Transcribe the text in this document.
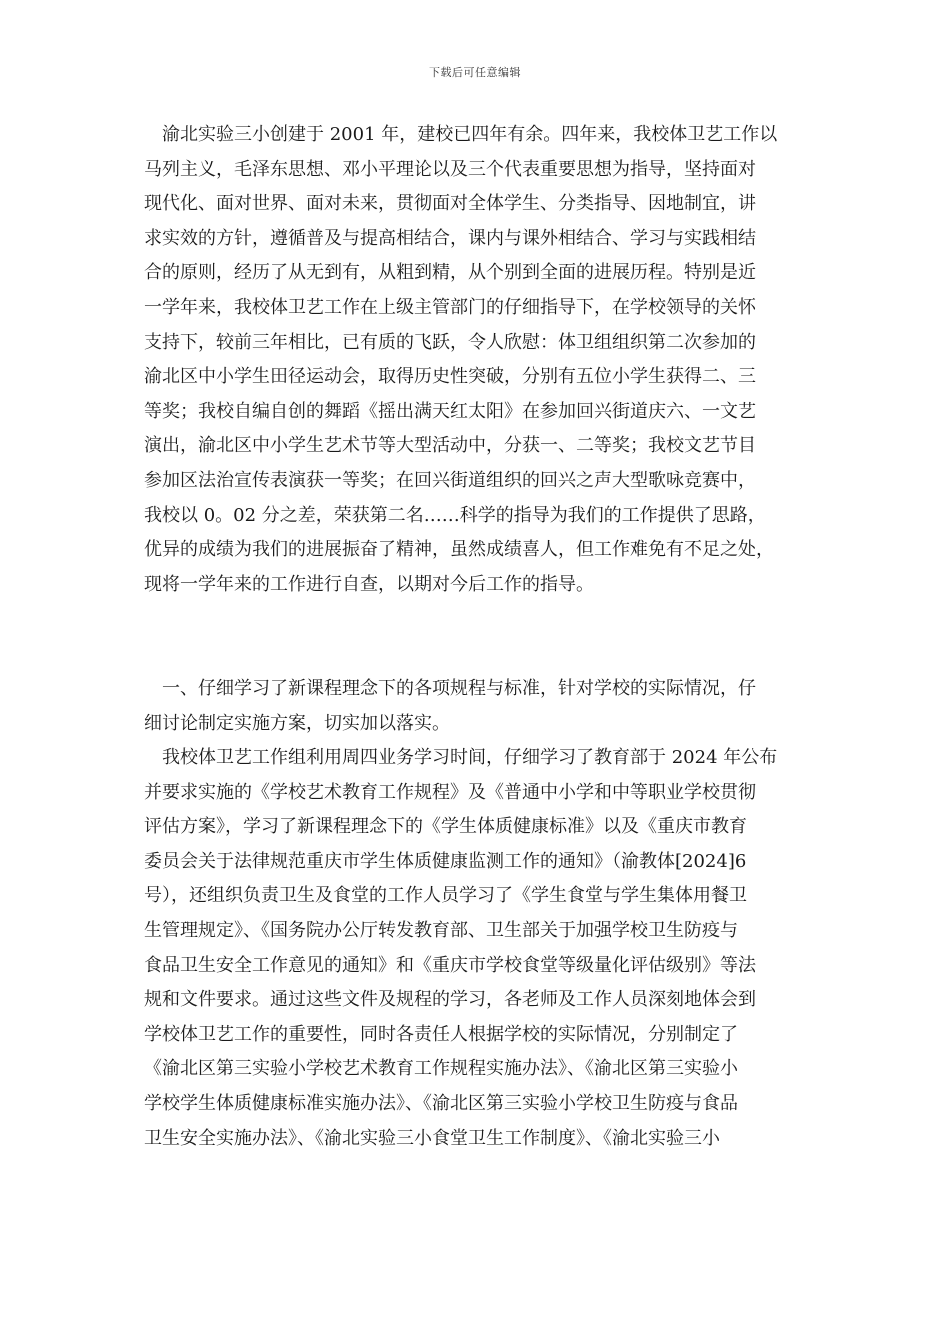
下载后可任意编辑
渝北实验三小创建于 2001 年，建校已四年有余。四年来，我校体卫艺工作以
马列主义，毛泽东思想、邓小平理论以及三个代表重要思想为指导，坚持面对
现代化、面对世界、面对未来，贯彻面对全体学生、分类指导、因地制宜，讲
求实效的方针，遵循普及与提高相结合，课内与课外相结合、学习与实践相结
合的原则，经历了从无到有，从粗到精，从个别到全面的进展历程。特别是近
一学年来，我校体卫艺工作在上级主管部门的仔细指导下，在学校领导的关怀
支持下，较前三年相比，已有质的飞跃，令人欣慰：体卫组组织第二次参加的
渝北区中小学生田径运动会，取得历史性突破，分别有五位小学生获得二、三
等奖；我校自编自创的舞蹈《摇出满天红太阳》在参加回兴街道庆六、一文艺
演出，渝北区中小学生艺术节等大型活动中，分获一、二等奖；我校文艺节目
参加区法治宣传表演获一等奖；在回兴街道组织的回兴之声大型歌咏竞赛中，
我校以 0。02 分之差，荣获第二名……科学的指导为我们的工作提供了思路，
优异的成绩为我们的进展振奋了精神，虽然成绩喜人，但工作难免有不足之处，
现将一学年来的工作进行自查，以期对今后工作的指导。
一、仔细学习了新课程理念下的各项规程与标准，针对学校的实际情况，仔
细讨论制定实施方案，切实加以落实。
我校体卫艺工作组利用周四业务学习时间，仔细学习了教育部于 2024 年公布
并要求实施的《学校艺术教育工作规程》及《普通中小学和中等职业学校贯彻
评估方案》，学习了新课程理念下的《学生体质健康标准》以及《重庆市教育
委员会关于法律规范重庆市学生体质健康监测工作的通知》（渝教体[2024]6
号），还组织负责卫生及食堂的工作人员学习了《学生食堂与学生集体用餐卫
生管理规定》、《国务院办公厅转发教育部、卫生部关于加强学校卫生防疫与
食品卫生安全工作意见的通知》和《重庆市学校食堂等级量化评估级别》等法
规和文件要求。通过这些文件及规程的学习，各老师及工作人员深刻地体会到
学校体卫艺工作的重要性，同时各责任人根据学校的实际情况，分别制定了
《渝北区第三实验小学校艺术教育工作规程实施办法》、《渝北区第三实验小
学校学生体质健康标准实施办法》、《渝北区第三实验小学校卫生防疫与食品
卫生安全实施办法》、《渝北实验三小食堂卫生工作制度》、《渝北实验三小
